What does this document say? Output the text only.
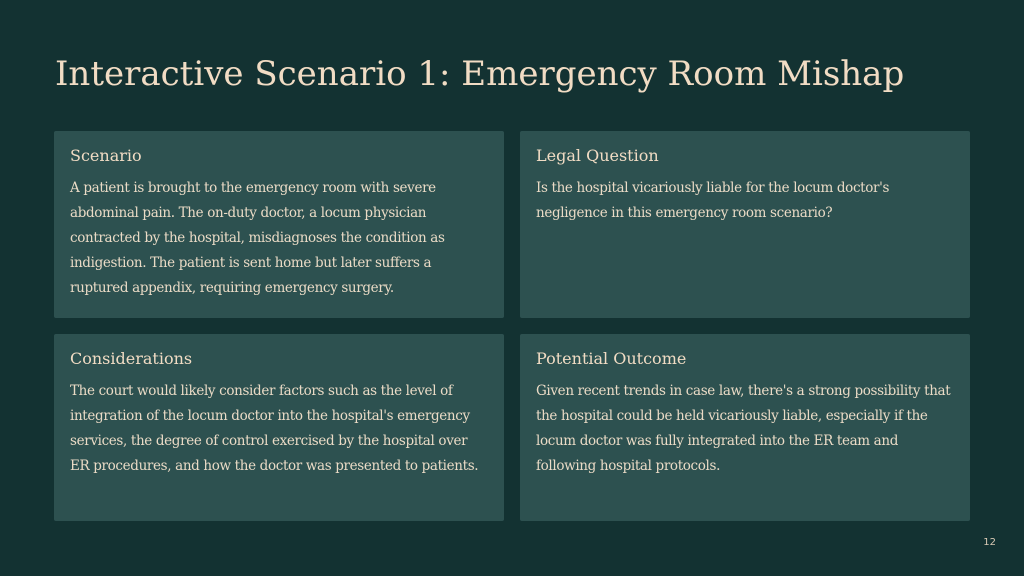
Interactive Scenario 1: Emergency Room Mishap
Scenario

A patient is brought to the emergency room with severe abdominal pain. The on-duty doctor, a locum physician contracted by the hospital, misdiagnoses the condition as indigestion. The patient is sent home but later suffers a ruptured appendix, requiring emergency surgery.

Legal Question

Is the hospital vicariously liable for the locum doctor's negligence in this emergency room scenario?

Considerations

The court would likely consider factors such as the level of integration of the locum doctor into the hospital's emergency services, the degree of control exercised by the hospital over ER procedures, and how the doctor was presented to patients.

Potential Outcome

Given recent trends in case law, there's a strong possibility that the hospital could be held vicariously liable, especially if the locum doctor was fully integrated into the ER team and following hospital protocols.

12
